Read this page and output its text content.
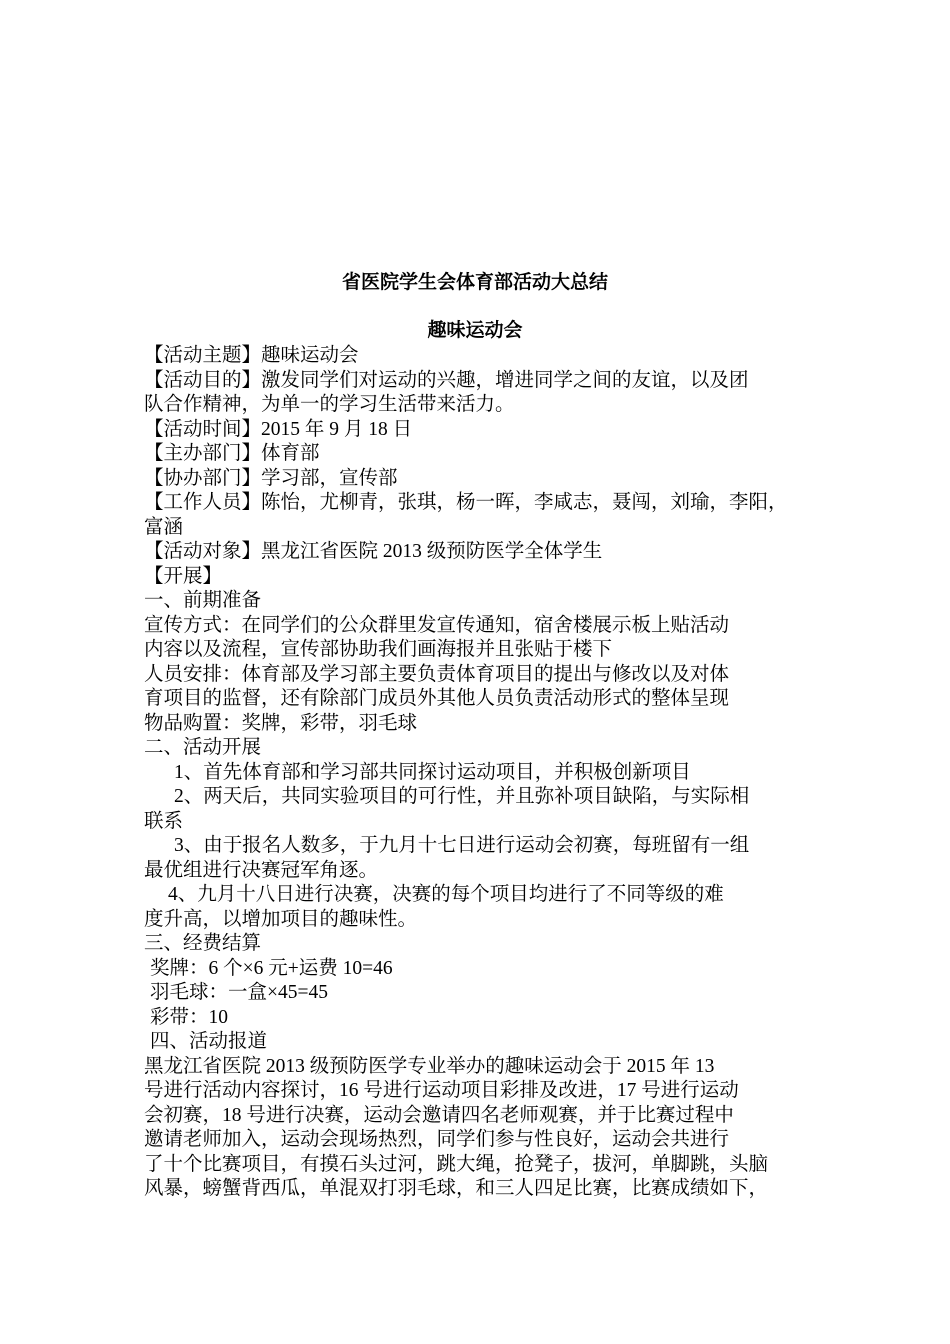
省医院学生会体育部活动大总结
趣味运动会
【活动主题】趣味运动会
【活动目的】激发同学们对运动的兴趣，增进同学之间的友谊，以及团
队合作精神，为单一的学习生活带来活力。
【活动时间】2015 年 9 月 18 日
【主办部门】体育部
【协办部门】学习部，宣传部
【工作人员】陈怡，尤柳青，张琪，杨一晖，李咸志，聂闯，刘瑜，李阳，
富涵
【活动对象】黑龙江省医院 2013 级预防医学全体学生
【开展】
一、前期准备
宣传方式：在同学们的公众群里发宣传通知，宿舍楼展示板上贴活动
内容以及流程，宣传部协助我们画海报并且张贴于楼下
人员安排：体育部及学习部主要负责体育项目的提出与修改以及对体
育项目的监督，还有除部门成员外其他人员负责活动形式的整体呈现
物品购置：奖牌，彩带，羽毛球
二、活动开展
1、首先体育部和学习部共同探讨运动项目，并积极创新项目
2、两天后，共同实验项目的可行性，并且弥补项目缺陷，与实际相
联系
3、由于报名人数多，于九月十七日进行运动会初赛，每班留有一组
最优组进行决赛冠军角逐。
4、九月十八日进行决赛，决赛的每个项目均进行了不同等级的难
度升高，以增加项目的趣味性。
三、经费结算
奖牌：6 个×6 元+运费 10=46
羽毛球：一盒×45=45
彩带：10
四、活动报道
黑龙江省医院 2013 级预防医学专业举办的趣味运动会于 2015 年 13
号进行活动内容探讨，16 号进行运动项目彩排及改进，17 号进行运动
会初赛，18 号进行决赛，运动会邀请四名老师观赛，并于比赛过程中
邀请老师加入，运动会现场热烈，同学们参与性良好，运动会共进行
了十个比赛项目，有摸石头过河，跳大绳，抢凳子，拔河，单脚跳，头脑
风暴，螃蟹背西瓜，单混双打羽毛球，和三人四足比赛，比赛成绩如下，
